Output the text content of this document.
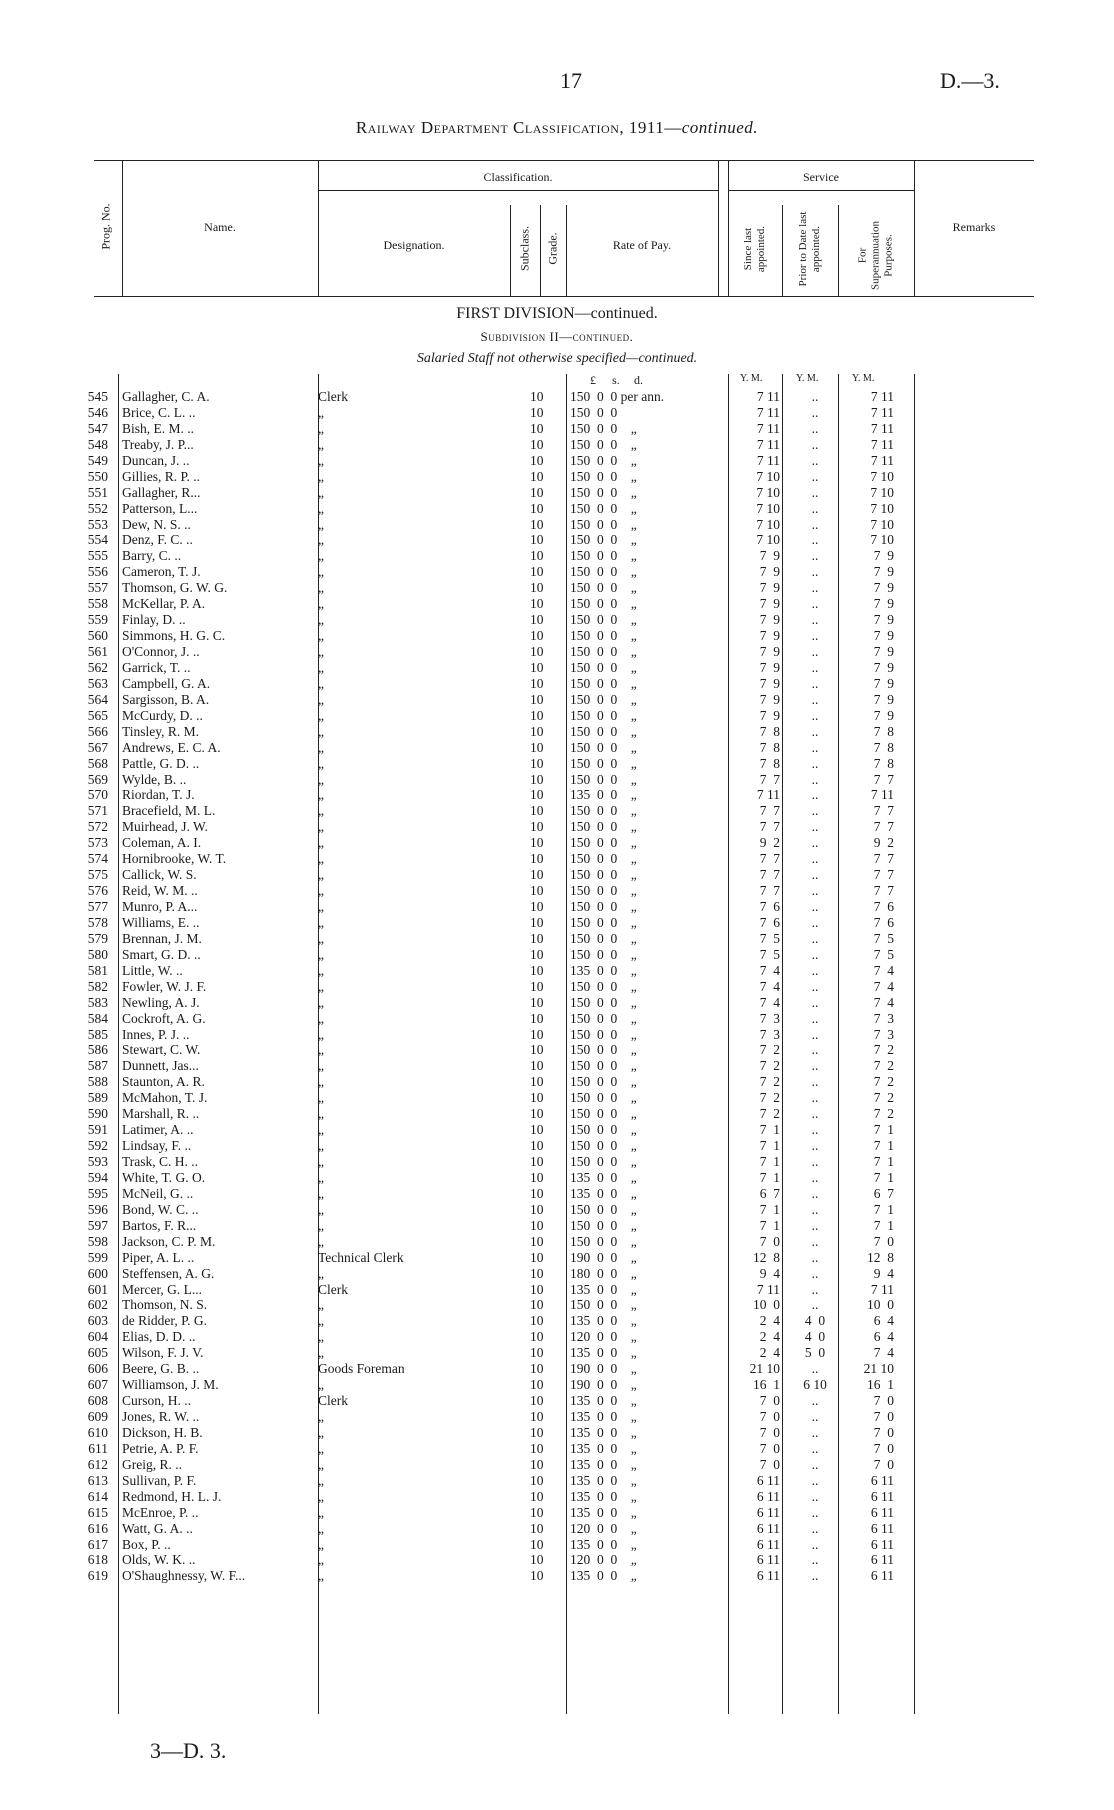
17	D.—3.
Railway Department Classification, 1911—continued.
Prog. No.	Name.
Classification.
Designation.	Subclass. Grade.	Rate of Pay.
Service
Since last appointed.	Prior to Date last appointed.	For Superannuation Purposes.
Remarks
FIRST DIVISION—continued.
Subdivision II—continued.
Salaried Staff not otherwise specified—continued.
£ s. d.	Y. M.	Y. M.	Y. M.
545 Gallagher, C. A.	Clerk	10 150  0  0 per ann.	7 11	..	7 11
546 Brice, C. L. ..	„	10 150  0  0	7 11	..	7 11
547 Bish, E. M. ..	„	10 150  0  0    „	7 11	..	7 11
548 Treaby, J. P...	„	10 150  0  0    „	7 11	..	7 11
549 Duncan, J. ..	„	10 150  0  0    „	7 11	..	7 11
550 Gillies, R. P. ..	„	10 150  0  0    „	7 10	..	7 10
551 Gallagher, R...	„	10 150  0  0    „	7 10	..	7 10
552 Patterson, L...	„	10 150  0  0    „	7 10	..	7 10
553 Dew, N. S. ..	„	10 150  0  0    „	7 10	..	7 10
554 Denz, F. C. ..	„	10 150  0  0    „	7 10	..	7 10
555 Barry, C. ..	„	10 150  0  0    „	7  9	..	7  9
556 Cameron, T. J.	„	10 150  0  0    „	7  9	..	7  9
557 Thomson, G. W. G.	„	10 150  0  0    „	7  9	..	7  9
558 McKellar, P. A.	„	10 150  0  0    „	7  9	..	7  9
559 Finlay, D. ..	„	10 150  0  0    „	7  9	..	7  9
560 Simmons, H. G. C.	„	10 150  0  0    „	7  9	..	7  9
561 O'Connor, J. ..	„	10 150  0  0    „	7  9	..	7  9
562 Garrick, T. ..	„	10 150  0  0    „	7  9	..	7  9
563 Campbell, G. A.	„	10 150  0  0    „	7  9	..	7  9
564 Sargisson, B. A.	„	10 150  0  0    „	7  9	..	7  9
565 McCurdy, D. ..	„	10 150  0  0    „	7  9	..	7  9
566 Tinsley, R. M.	„	10 150  0  0    „	7  8	..	7  8
567 Andrews, E. C. A.	„	10 150  0  0    „	7  8	..	7  8
568 Pattle, G. D. ..	„	10 150  0  0    „	7  8	..	7  8
569 Wylde, B. ..	„	10 150  0  0    „	7  7	..	7  7
570 Riordan, T. J.	„	10 135  0  0    „	7 11	..	7 11
571 Bracefield, M. L.	„	10 150  0  0    „	7  7	..	7  7
572 Muirhead, J. W.	„	10 150  0  0    „	7  7	..	7  7
573 Coleman, A. I.	„	10 150  0  0    „	9  2	..	9  2
574 Hornibrooke, W. T.	„	10 150  0  0    „	7  7	..	7  7
575 Callick, W. S.	„	10 150  0  0    „	7  7	..	7  7
576 Reid, W. M. ..	„	10 150  0  0    „	7  7	..	7  7
577 Munro, P. A...	„	10 150  0  0    „	7  6	..	7  6
578 Williams, E. ..	„	10 150  0  0    „	7  6	..	7  6
579 Brennan, J. M.	„	10 150  0  0    „	7  5	..	7  5
580 Smart, G. D. ..	„	10 150  0  0    „	7  5	..	7  5
581 Little, W. ..	„	10 135  0  0    „	7  4	..	7  4
582 Fowler, W. J. F.	„	10 150  0  0    „	7  4	..	7  4
583 Newling, A. J.	„	10 150  0  0    „	7  4	..	7  4
584 Cockroft, A. G.	„	10 150  0  0    „	7  3	..	7  3
585 Innes, P. J. ..	„	10 150  0  0    „	7  3	..	7  3
586 Stewart, C. W.	„	10 150  0  0    „	7  2	..	7  2
587 Dunnett, Jas...	„	10 150  0  0    „	7  2	..	7  2
588 Staunton, A. R.	„	10 150  0  0    „	7  2	..	7  2
589 McMahon, T. J.	„	10 150  0  0    „	7  2	..	7  2
590 Marshall, R. ..	„	10 150  0  0    „	7  2	..	7  2
591 Latimer, A. ..	„	10 150  0  0    „	7  1	..	7  1
592 Lindsay, F. ..	„	10 150  0  0    „	7  1	..	7  1
593 Trask, C. H. ..	„	10 150  0  0    „	7  1	..	7  1
594 White, T. G. O.	„	10 135  0  0    „	7  1	..	7  1
595 McNeil, G. ..	„	10 135  0  0    „	6  7	..	6  7
596 Bond, W. C. ..	„	10 150  0  0    „	7  1	..	7  1
597 Bartos, F. R...	„	10 150  0  0    „	7  1	..	7  1
598 Jackson, C. P. M.	„	10 150  0  0    „	7  0	..	7  0
599 Piper, A. L. ..	Technical Clerk	10 190  0  0    „	12  8	..	12  8
600 Steffensen, A. G.	„	10 180  0  0    „	9  4	..	9  4
601 Mercer, G. L...	Clerk	10 135  0  0    „	7 11	..	7 11
602 Thomson, N. S.	„	10 150  0  0    „	10  0	..	10  0
603 de Ridder, P. G.	„	10 135  0  0    „	2  4	4  0	6  4
604 Elias, D. D. ..	„	10 120  0  0    „	2  4	4  0	6  4
605 Wilson, F. J. V.	„	10 135  0  0    „	2  4	5  0	7  4
606 Beere, G. B. ..	Goods Foreman	10 190  0  0    „	21 10	..	21 10
607 Williamson, J. M.	„	10 190  0  0    „	16  1	6 10	16  1
608 Curson, H. ..	Clerk	10 135  0  0    „	7  0	..	7  0
609 Jones, R. W. ..	„	10 135  0  0    „	7  0	..	7  0
610 Dickson, H. B.	„	10 135  0  0    „	7  0	..	7  0
611 Petrie, A. P. F.	„	10 135  0  0    „	7  0	..	7  0
612 Greig, R. ..	„	10 135  0  0    „	7  0	..	7  0
613 Sullivan, P. F.	„	10 135  0  0    „	6 11	..	6 11
614 Redmond, H. L. J.	„	10 135  0  0    „	6 11	..	6 11
615 McEnroe, P. ..	„	10 135  0  0    „	6 11	..	6 11
616 Watt, G. A. ..	„	10 120  0  0    „	6 11	..	6 11
617 Box, P. ..	„	10 135  0  0    „	6 11	..	6 11
618 Olds, W. K. ..	„	10 120  0  0    „	6 11	..	6 11
619 O'Shaughnessy, W. F...	„	10 135  0  0    „	6 11	..	6 11
3—D. 3.
